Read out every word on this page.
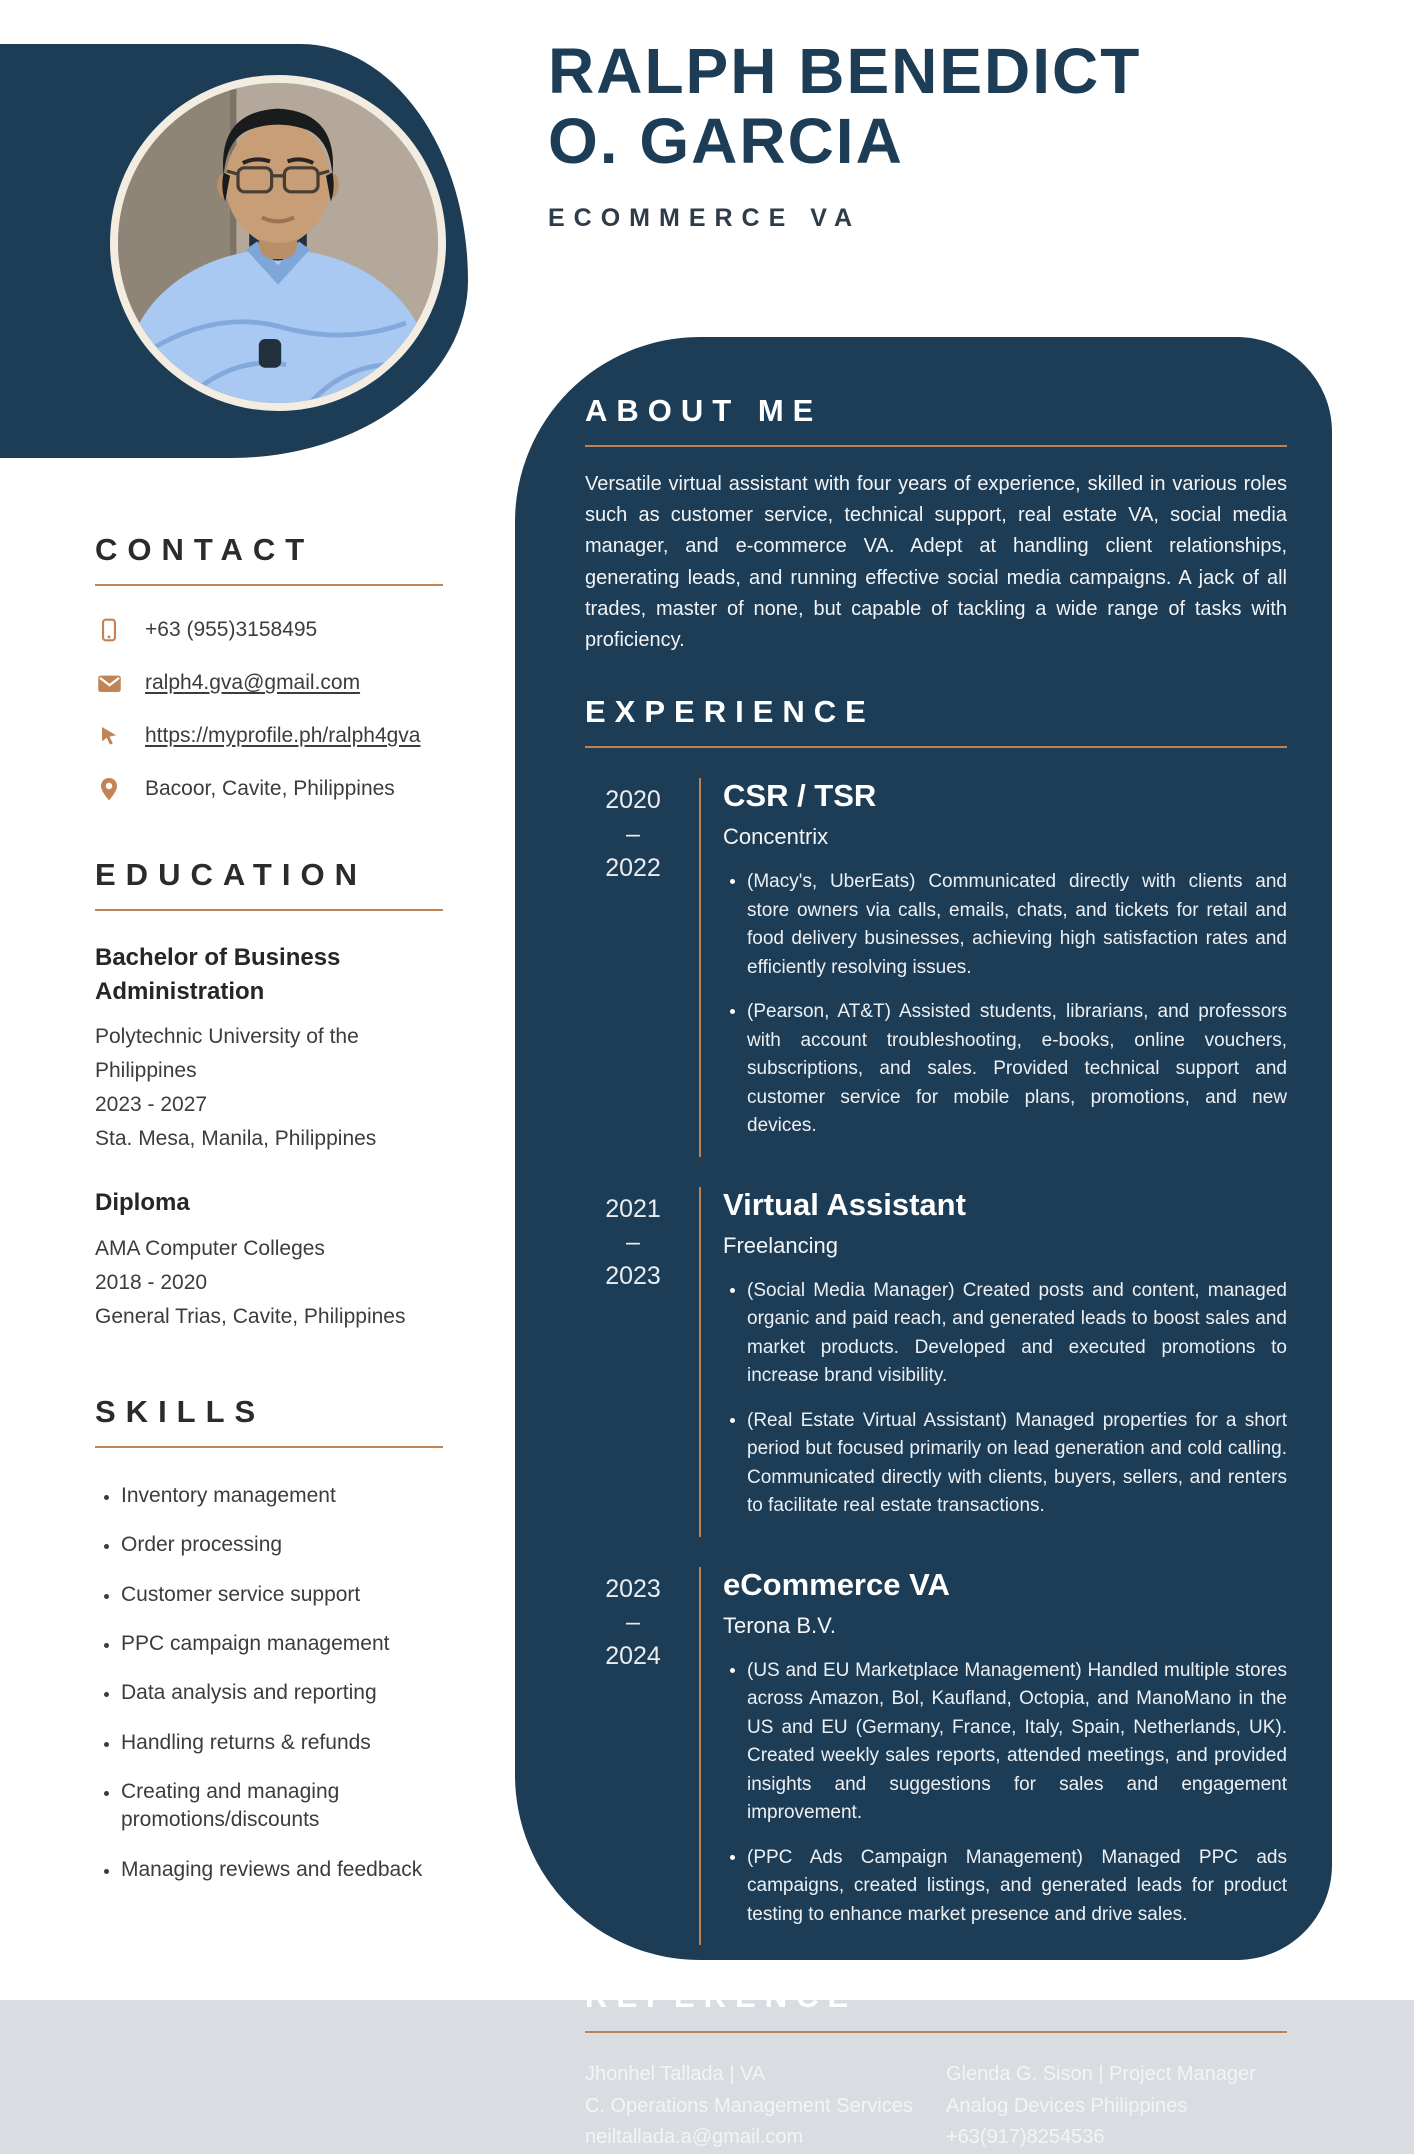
RALPH BENEDICT
O. GARCIA
ECOMMERCE VA
CONTACT
+63 (955)3158495
ralph4.gva@gmail.com
https://myprofile.ph/ralph4gva
Bacoor, Cavite, Philippines
EDUCATION
Bachelor of Business Administration
Polytechnic University of the Philippines
2023 - 2027
Sta. Mesa, Manila, Philippines
Diploma
AMA Computer Colleges
2018 - 2020
General Trias, Cavite, Philippines
SKILLS
• Inventory management
• Order processing
• Customer service support
• PPC campaign management
• Data analysis and reporting
• Handling returns & refunds
• Creating and managing promotions/discounts
• Managing reviews and feedback
ABOUT ME

Versatile virtual assistant with four years of experience, skilled in various roles such as customer service, technical support, real estate VA, social media manager, and e-commerce VA. Adept at handling client relationships, generating leads, and running effective social media campaigns. A jack of all trades, master of none, but capable of tackling a wide range of tasks with proficiency.

EXPERIENCE
2020
–
2022
CSR / TSR
Concentrix
• (Macy's, UberEats) Communicated directly with clients and store owners via calls, emails, chats, and tickets for retail and food delivery businesses, achieving high satisfaction rates and efficiently resolving issues.
• (Pearson, AT&T) Assisted students, librarians, and professors with account troubleshooting, e-books, online vouchers, subscriptions, and sales. Provided technical support and customer service for mobile plans, promotions, and new devices.
2021
–
2023
Virtual Assistant
Freelancing
• (Social Media Manager) Created posts and content, managed organic and paid reach, and generated leads to boost sales and market products. Developed and executed promotions to increase brand visibility.
• (Real Estate Virtual Assistant) Managed properties for a short period but focused primarily on lead generation and cold calling. Communicated directly with clients, buyers, sellers, and renters to facilitate real estate transactions.
2023
–
2024
eCommerce VA
Terona B.V.
• (US and EU Marketplace Management) Handled multiple stores across Amazon, Bol, Kaufland, Octopia, and ManoMano in the US and EU (Germany, France, Italy, Spain, Netherlands, UK). Created weekly sales reports, attended meetings, and provided insights and suggestions for sales and engagement improvement.
• (PPC Ads Campaign Management) Managed PPC ads campaigns, created listings, and generated leads for product testing to enhance market presence and drive sales.
REFERENCE
Jhonhel Tallada | VA
C. Operations Management Services
neiltallada.a@gmail.com
Glenda G. Sison | Project Manager
Analog Devices Philippines
+63(917)8254536
